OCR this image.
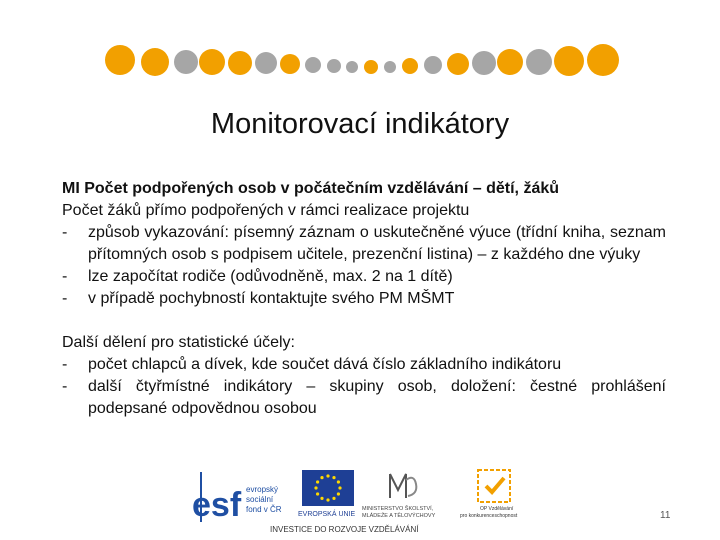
Monitorovací indikátory

MI Počet podpořených osob v počátečním vzdělávání – dětí, žáků

Počet žáků přímo podpořených v rámci realizace projektu

-	způsob vykazování: písemný záznam o uskutečněné výuce (třídní kniha, seznam přítomných osob s podpisem učitele, prezenční listina) – z každého dne výuky
-	lze započítat rodiče (odůvodněně, max. 2 na 1 dítě)
-	v případě pochybností kontaktujte svého PM MŠMT

Další dělení pro statistické účely:

-	počet chlapců a dívek, kde součet dává číslo základního indikátoru
-	další čtyřmístné indikátory – skupiny osob, doložení: čestné prohlášení podepsané odpovědnou osobou
esf evropský
sociální
fond v ČR
EVROPSKÁ UNIE
MINISTERSTVO ŠKOLSTVÍ,
MLÁDEŽE A TĚLOVÝCHOVY
OP Vzdělávání
pro konkurenceschopnost
INVESTICE DO ROZVOJE VZDĚLÁVÁNÍ
11
